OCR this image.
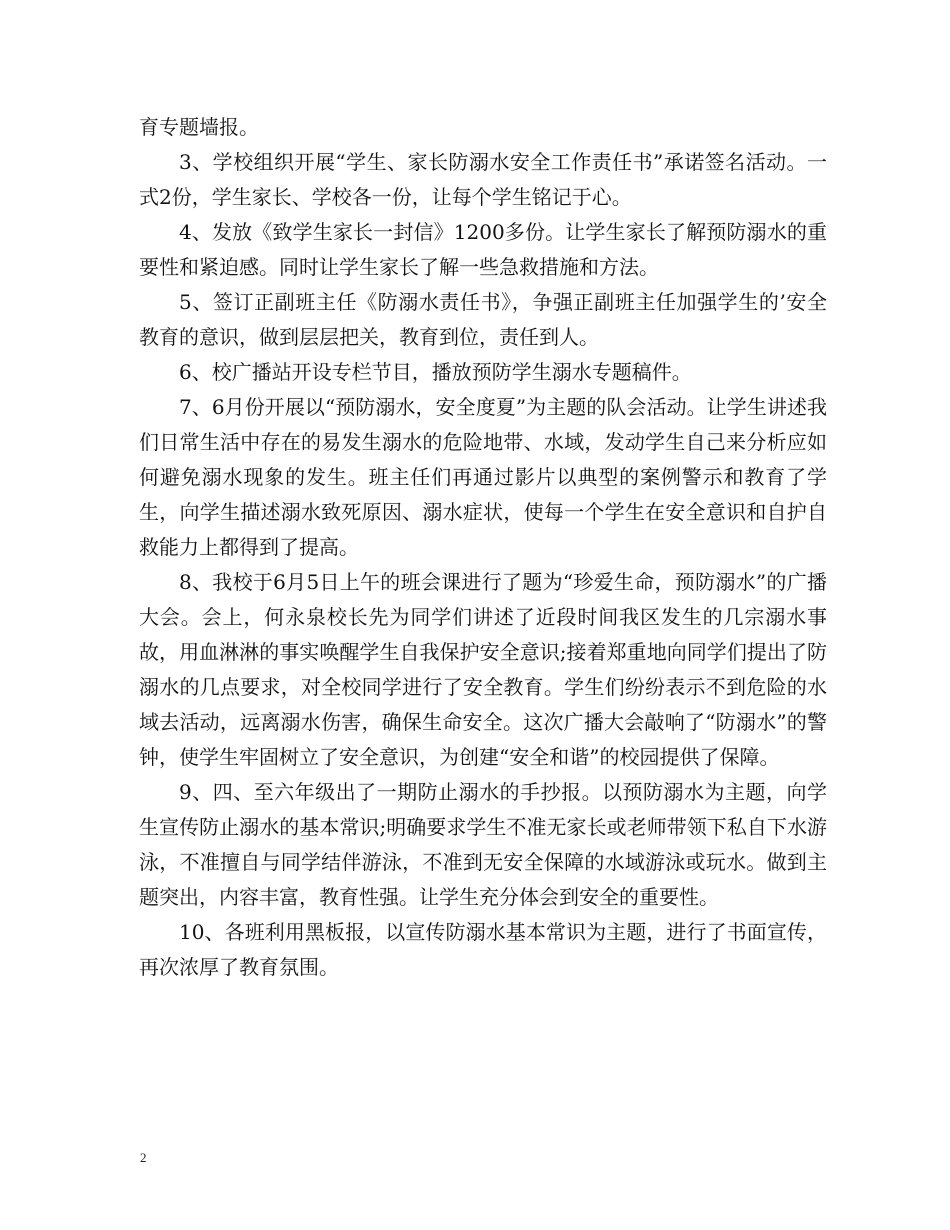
育专题墙报。

3、学校组织开展“学生、家长防溺水安全工作责任书”承诺签名活动。一式2份，学生家长、学校各一份，让每个学生铭记于心。

4、发放《致学生家长一封信》1200多份。让学生家长了解预防溺水的重要性和紧迫感。同时让学生家长了解一些急救措施和方法。

5、签订正副班主任《防溺水责任书》，争强正副班主任加强学生的’安全教育的意识，做到层层把关，教育到位，责任到人。

6、校广播站开设专栏节目，播放预防学生溺水专题稿件。

7、6月份开展以“预防溺水，安全度夏”为主题的队会活动。让学生讲述我们日常生活中存在的易发生溺水的危险地带、水域，发动学生自己来分析应如何避免溺水现象的发生。班主任们再通过影片以典型的案例警示和教育了学生，向学生描述溺水致死原因、溺水症状，使每一个学生在安全意识和自护自救能力上都得到了提高。

8、我校于6月5日上午的班会课进行了题为“珍爱生命，预防溺水”的广播大会。会上，何永泉校长先为同学们讲述了近段时间我区发生的几宗溺水事故，用血淋淋的事实唤醒学生自我保护安全意识;接着郑重地向同学们提出了防溺水的几点要求，对全校同学进行了安全教育。学生们纷纷表示不到危险的水域去活动，远离溺水伤害，确保生命安全。这次广播大会敲响了“防溺水”的警钟，使学生牢固树立了安全意识，为创建“安全和谐”的校园提供了保障。

9、四、至六年级出了一期防止溺水的手抄报。以预防溺水为主题，向学生宣传防止溺水的基本常识;明确要求学生不准无家长或老师带领下私自下水游泳，不准擅自与同学结伴游泳，不准到无安全保障的水域游泳或玩水。做到主题突出，内容丰富，教育性强。让学生充分体会到安全的重要性。

10、各班利用黑板报，以宣传防溺水基本常识为主题，进行了书面宣传，再次浓厚了教育氛围。

2
